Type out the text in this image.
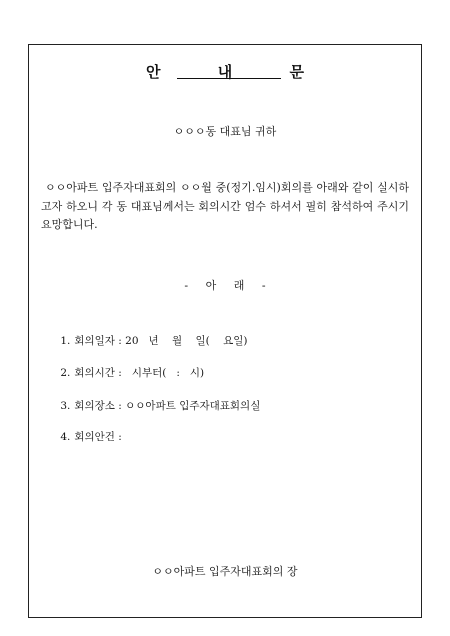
안 내 문
ㅇㅇㅇ동 대표님 귀하
ㅇㅇ아파트 입주자대표회의 ㅇㅇ월 중(정기.임시)회의를 아래와 같이 실시하고자 하오니 각 동 대표님께서는 회의시간 엄수 하셔서 필히 참석하여 주시기 요망합니다.
- 아 래 -

1. 회의일자 : 20   년    월    일(    요일)

2. 회의시간 :   시부터(   :   시)

3. 회의장소 : ㅇㅇ아파트 입주자대표회의실

4. 회의안건 :

ㅇㅇ아파트 입주자대표회의 장
